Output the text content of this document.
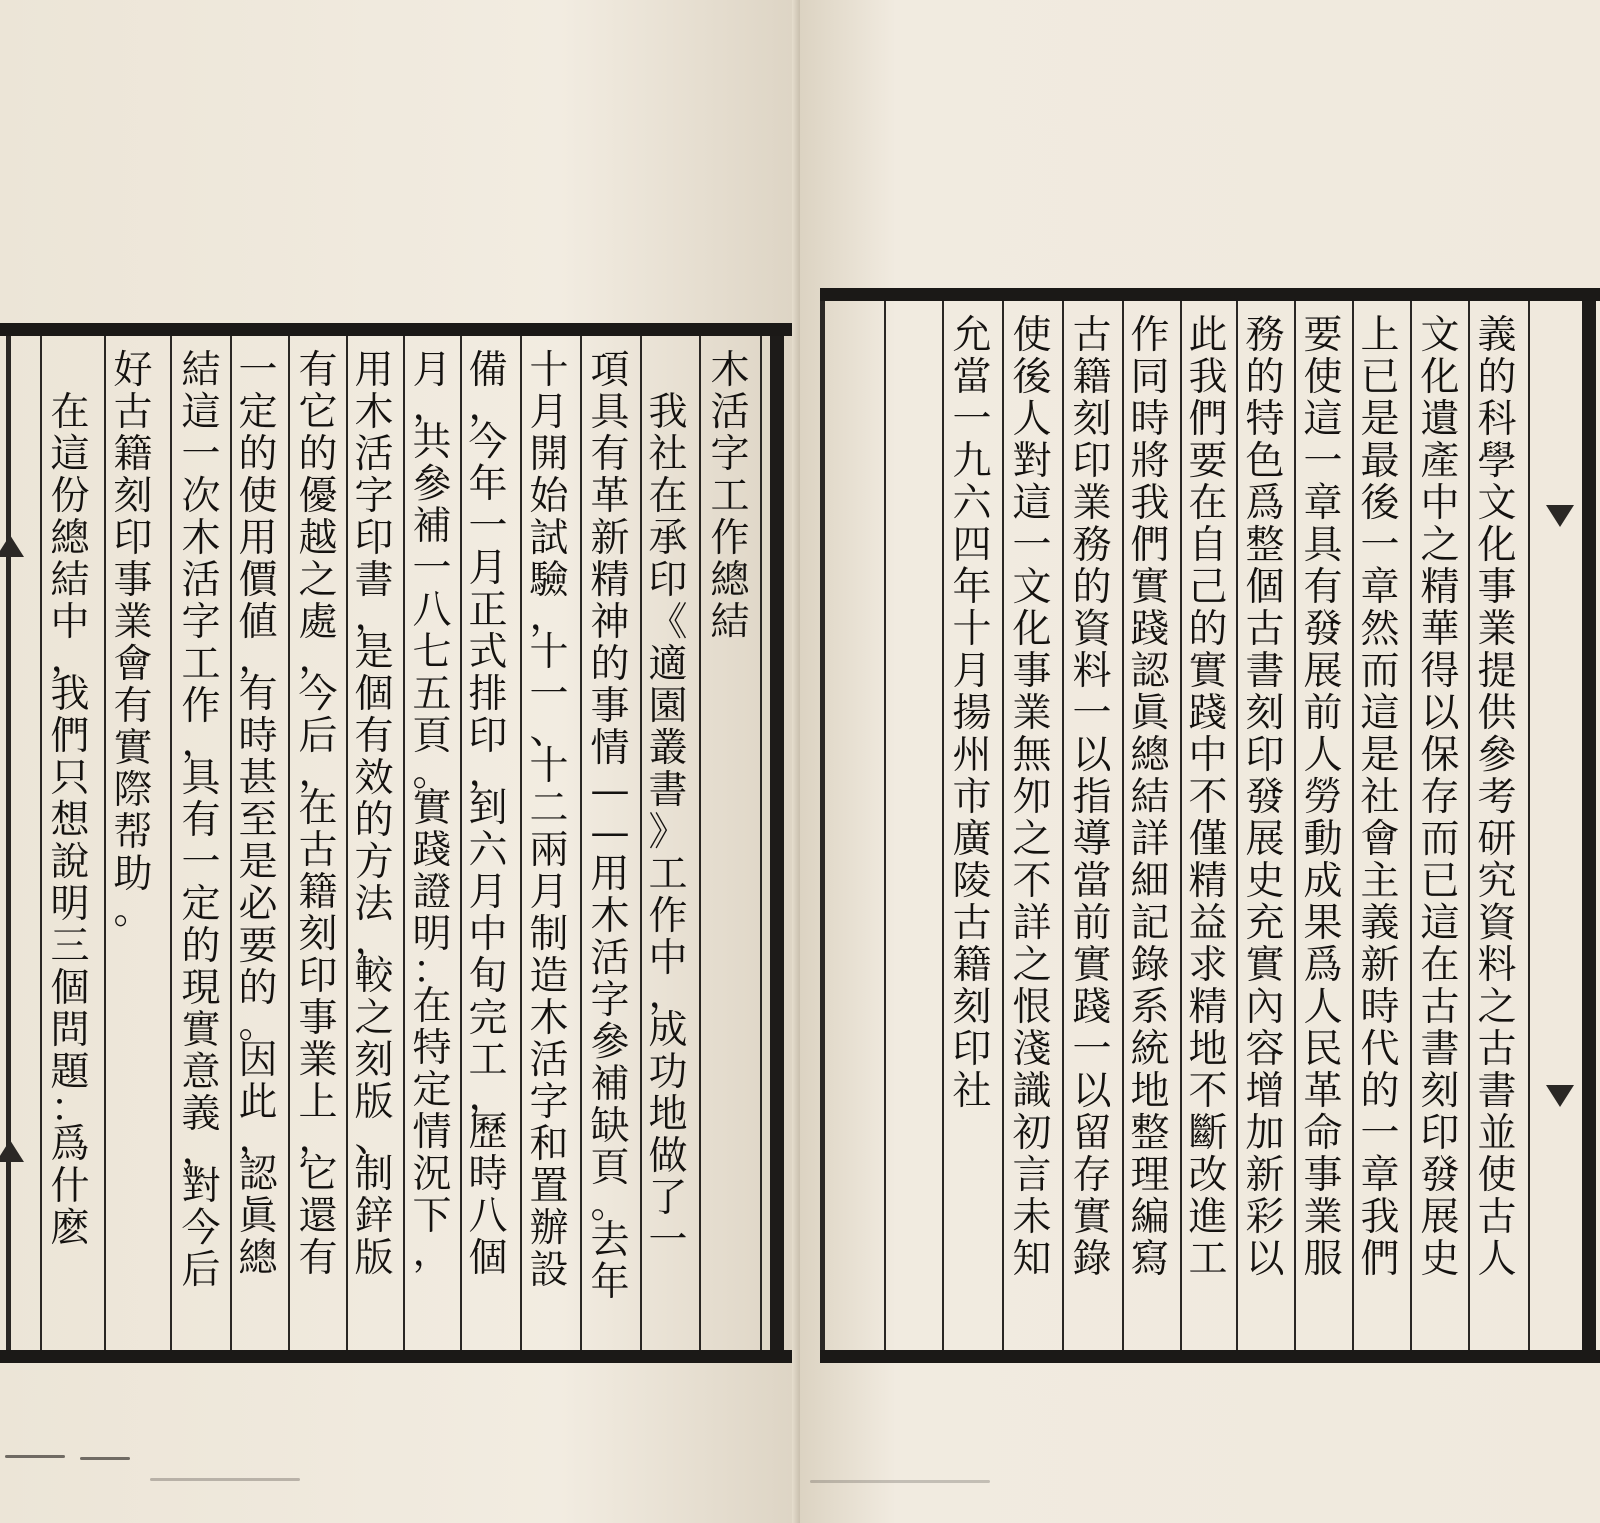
木
活
字
工
作
總
結
我
社
在
承
印
《
適
園
叢
書
》
工
作
中
，
成
功
地
做
了
一
項
具
有
革
新
精
神
的
事
情
—
—
用
木
活
字
參
補
缺
頁
。
去
年
十
月
開
始
試
驗
，
十
一
、
十
二
兩
月
制
造
木
活
字
和
置
辦
設
備
，
今
年
一
月
正
式
排
印
，
到
六
月
中
旬
完
工
，
歷
時
八
個
月
，
共
參
補
一
八
七
五
頁
。
實
踐
證
明
：
在
特
定
情
況
下
，
用
木
活
字
印
書
，
是
個
有
效
的
方
法
，
較
之
刻
版
、
制
鋅
版
有
它
的
優
越
之
處
，
今
后
，
在
古
籍
刻
印
事
業
上
，
它
還
有
一
定
的
使
用
價
値
，
有
時
甚
至
是
必
要
的
。
因
此
，
認
眞
總
結
這
一
次
木
活
字
工
作
，
具
有
一
定
的
現
實
意
義
，
對
今
后
好
古
籍
刻
印
事
業
會
有
實
際
帮
助
。
在
這
份
總
結
中
，
我
們
只
想
說
明
三
個
問
題
：
爲
什
麽
義
的
科
學
文
化
事
業
提
供
參
考
研
究
資
料
之
古
書
並
使
古
人
文
化
遺
產
中
之
精
華
得
以
保
存
而
已
這
在
古
書
刻
印
發
展
史
上
已
是
最
後
一
章
然
而
這
是
社
會
主
義
新
時
代
的
一
章
我
們
要
使
這
一
章
具
有
發
展
前
人
勞
動
成
果
爲
人
民
革
命
事
業
服
務
的
特
色
爲
整
個
古
書
刻
印
發
展
史
充
實
內
容
增
加
新
彩
以
此
我
們
要
在
自
己
的
實
踐
中
不
僅
精
益
求
精
地
不
斷
改
進
工
作
同
時
將
我
們
實
踐
認
眞
總
結
詳
細
記
錄
系
統
地
整
理
編
寫
古
籍
刻
印
業
務
的
資
料
一
以
指
導
當
前
實
踐
一
以
留
存
實
錄
使
後
人
對
這
一
文
化
事
業
無
夘
之
不
詳
之
恨
淺
識
初
言
未
知
允
當
一
九
六
四
年
十
月
揚
州
市
廣
陵
古
籍
刻
印
社
